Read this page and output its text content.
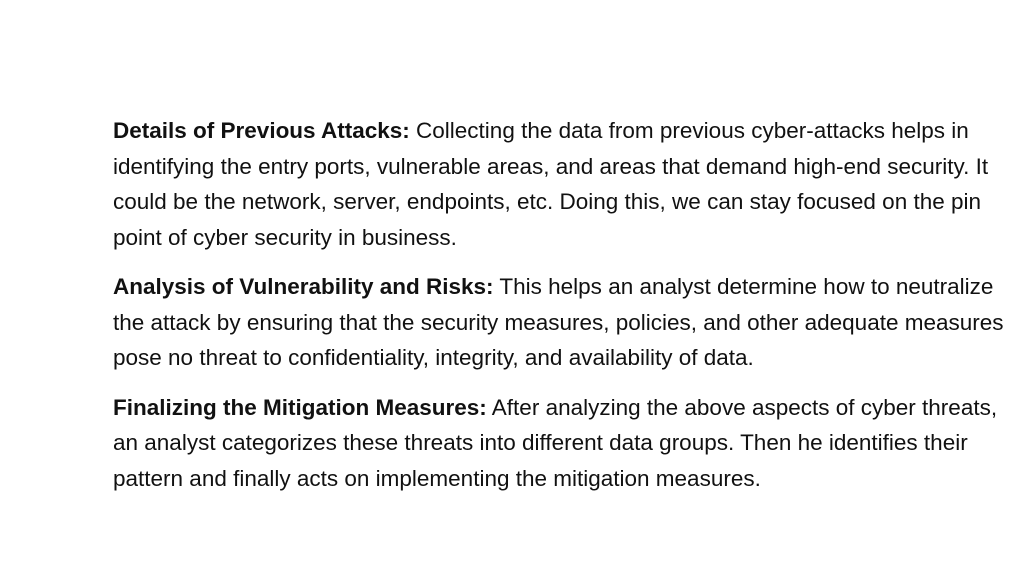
Details of Previous Attacks: Collecting the data from previous cyber-attacks helps in identifying the entry ports, vulnerable areas, and areas that demand high-end security. It could be the network, server, endpoints, etc. Doing this, we can stay focused on the pin point of cyber security in business.

Analysis of Vulnerability and Risks: This helps an analyst determine how to neutralize the attack by ensuring that the security measures, policies, and other adequate measures pose no threat to confidentiality, integrity, and availability of data.

Finalizing the Mitigation Measures: After analyzing the above aspects of cyber threats, an analyst categorizes these threats into different data groups. Then he identifies their pattern and finally acts on implementing the mitigation measures.
